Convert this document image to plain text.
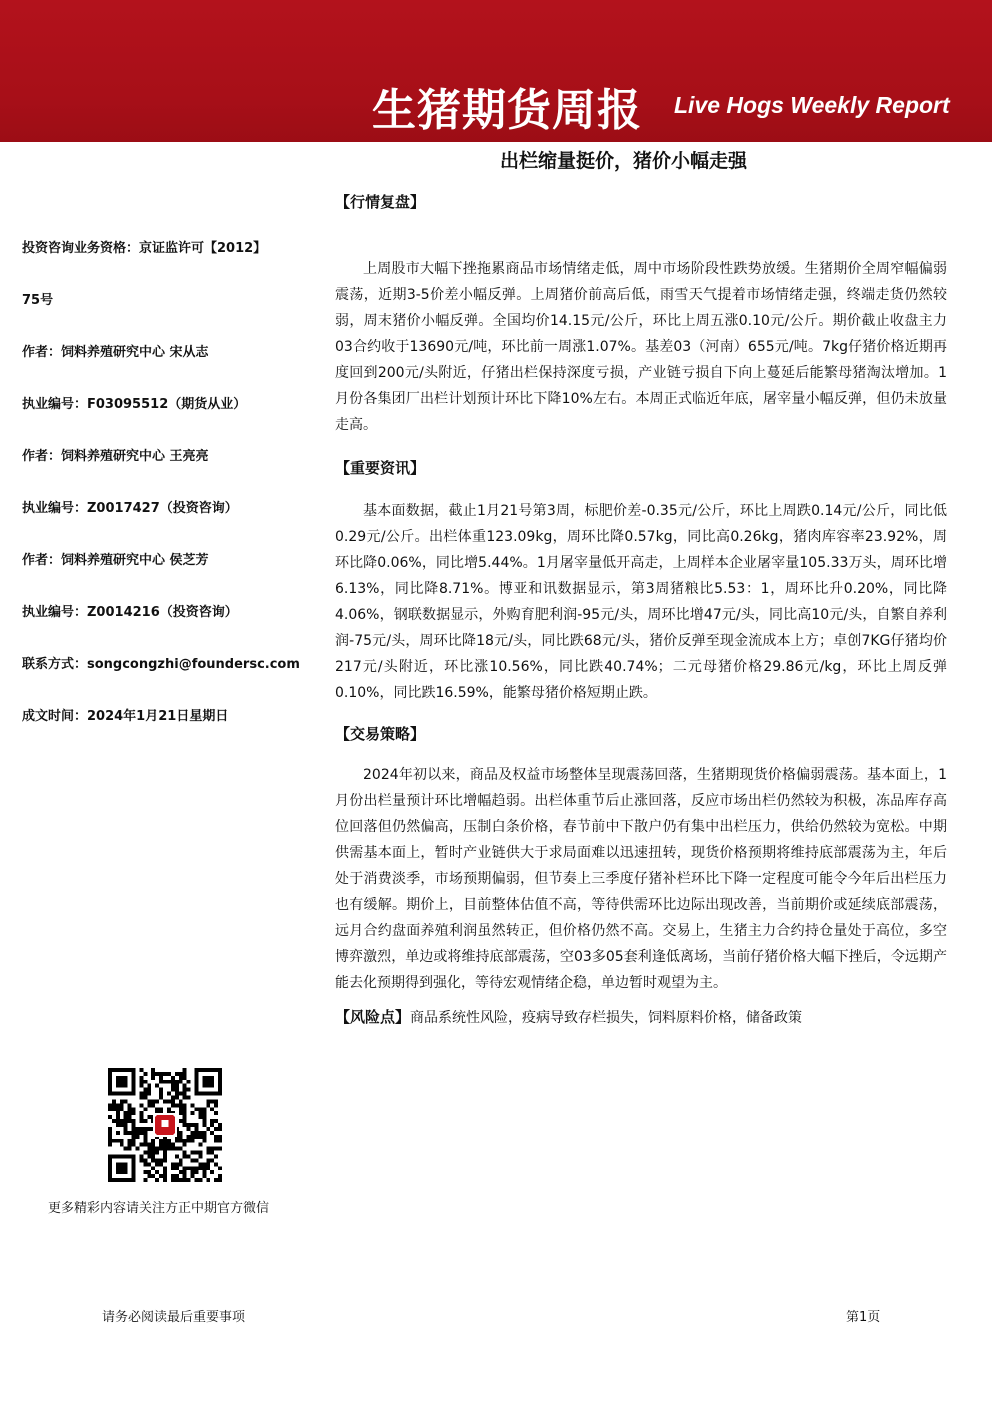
生猪期货周报 Live Hogs Weekly Report
出栏缩量挺价，猪价小幅走强
投资咨询业务资格：京证监许可【2012】
75号
作者：饲料养殖研究中心 宋从志
执业编号：F03095512（期货从业）
作者：饲料养殖研究中心 王亮亮
执业编号：Z0017427（投资咨询）
作者：饲料养殖研究中心 侯芝芳
执业编号：Z0014216（投资咨询）
联系方式：songcongzhi@foundersc.com
成文时间：2024年1月21日星期日
更多精彩内容请关注方正中期官方微信
【行情复盘】

上周股市大幅下挫拖累商品市场情绪走低，周中市场阶段性跌势放缓。生猪期价全周窄幅偏弱震荡，近期3-5价差小幅反弹。上周猪价前高后低，雨雪天气提着市场情绪走强，终端走货仍然较弱，周末猪价小幅反弹。全国均价14.15元/公斤，环比上周五涨0.10元/公斤。期价截止收盘主力03合约收于13690元/吨，环比前一周涨1.07%。基差03（河南）655元/吨。7kg仔猪价格近期再度回到200元/头附近，仔猪出栏保持深度亏损，产业链亏损自下向上蔓延后能繁母猪淘汰增加。1月份各集团厂出栏计划预计环比下降10%左右。本周正式临近年底，屠宰量小幅反弹，但仍未放量走高。

【重要资讯】

基本面数据，截止1月21号第3周，标肥价差-0.35元/公斤，环比上周跌0.14元/公斤，同比低0.29元/公斤。出栏体重123.09kg，周环比降0.57kg，同比高0.26kg，猪肉库容率23.92%，周环比降0.06%，同比增5.44%。1月屠宰量低开高走，上周样本企业屠宰量105.33万头，周环比增6.13%，同比降8.71%。博亚和讯数据显示，第3周猪粮比5.53：1，周环比升0.20%，同比降4.06%，钢联数据显示，外购育肥利润-95元/头，周环比增47元/头，同比高10元/头，自繁自养利润-75元/头，周环比降18元/头，同比跌68元/头，猪价反弹至现金流成本上方；卓创7KG仔猪均价217元/头附近，环比涨10.56%，同比跌40.74%；二元母猪价格29.86元/kg，环比上周反弹0.10%，同比跌16.59%，能繁母猪价格短期止跌。

【交易策略】

2024年初以来，商品及权益市场整体呈现震荡回落，生猪期现货价格偏弱震荡。基本面上，1月份出栏量预计环比增幅趋弱。出栏体重节后止涨回落，反应市场出栏仍然较为积极，冻品库存高位回落但仍然偏高，压制白条价格，春节前中下散户仍有集中出栏压力，供给仍然较为宽松。中期供需基本面上，暂时产业链供大于求局面难以迅速扭转，现货价格预期将维持底部震荡为主，年后处于消费淡季，市场预期偏弱，但节奏上三季度仔猪补栏环比下降一定程度可能令今年后出栏压力也有缓解。期价上，目前整体估值不高，等待供需环比边际出现改善，当前期价或延续底部震荡，远月合约盘面养殖利润虽然转正，但价格仍然不高。交易上，生猪主力合约持仓量处于高位，多空博弈激烈，单边或将维持底部震荡，空03多05套利逢低离场，当前仔猪价格大幅下挫后，令远期产能去化预期得到强化，等待宏观情绪企稳，单边暂时观望为主。

【风险点】商品系统性风险，疫病导致存栏损失，饲料原料价格，储备政策
请务必阅读最后重要事项	第1页
